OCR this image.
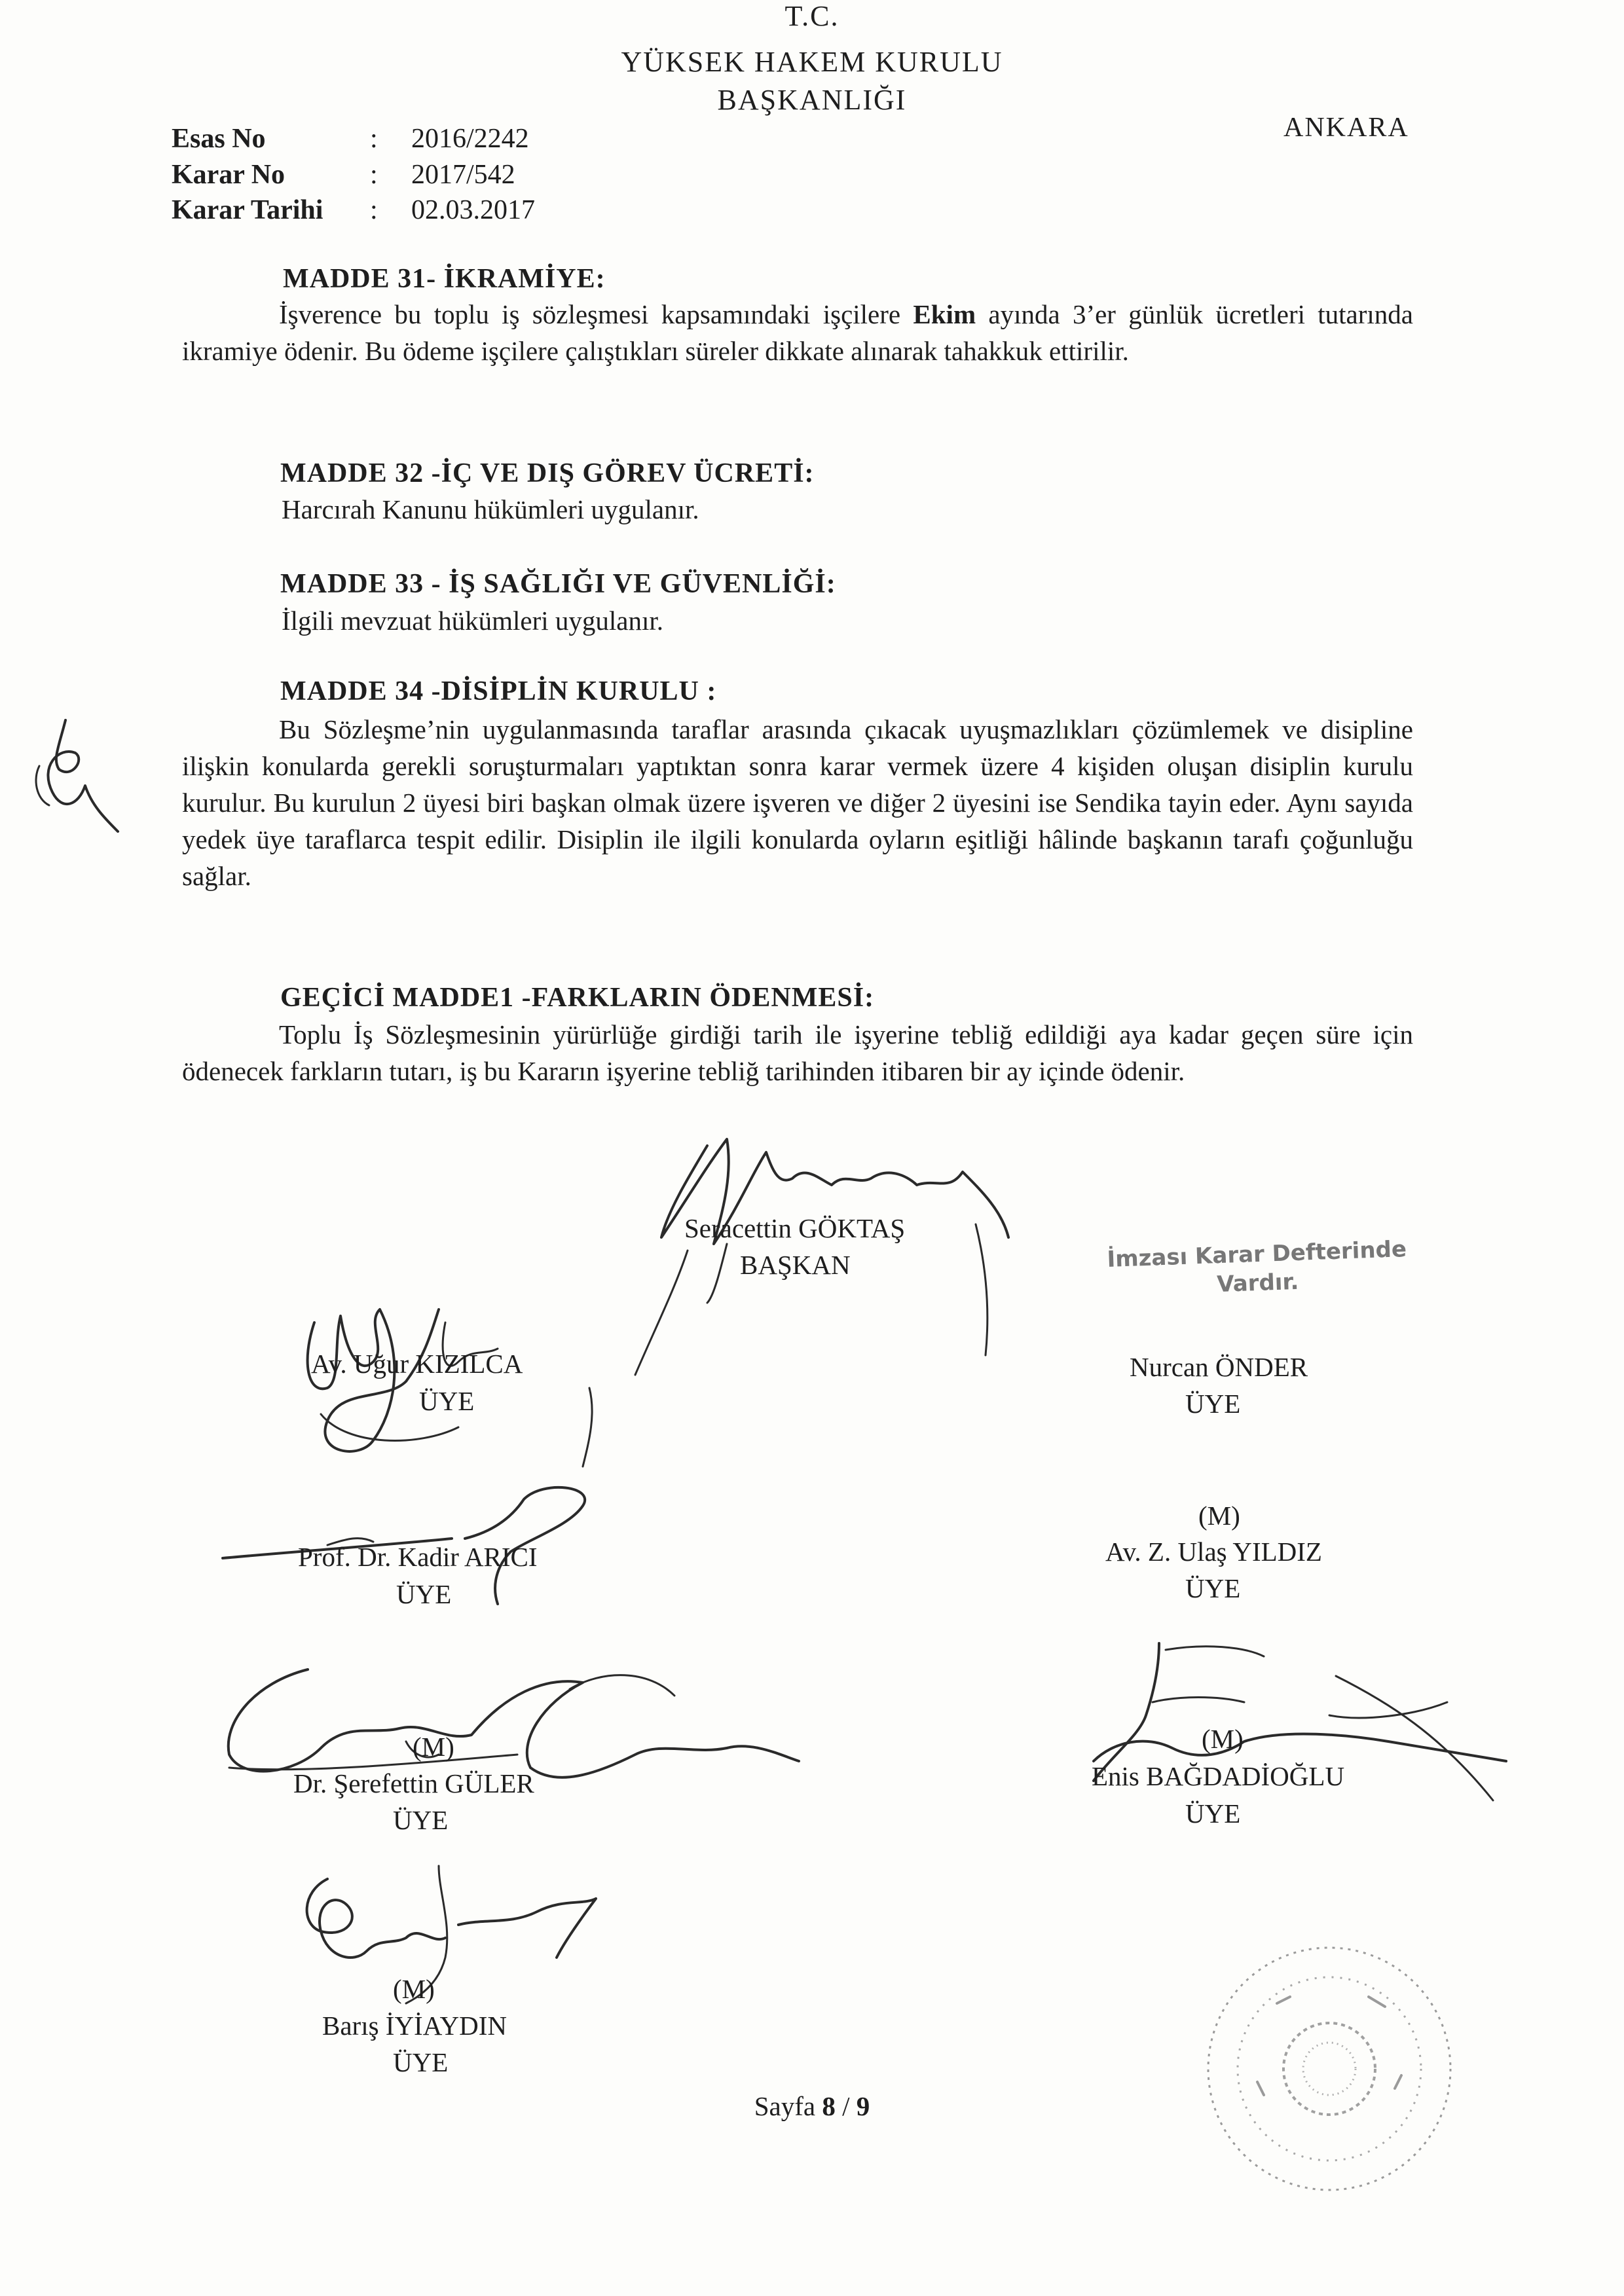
T.C.
YÜKSEK HAKEM KURULU
BAŞKANLIĞI
ANKARA
Esas No	: 2016/2242
Karar No	: 2017/542
Karar Tarihi : 02.03.2017
MADDE 31- İKRAMİYE:
İşverence bu toplu iş sözleşmesi kapsamındaki işçilere Ekim ayında 3’er günlük ücretleri tutarında ikramiye ödenir. Bu ödeme işçilere çalıştıkları süreler dikkate alınarak tahakkuk ettirilir.
MADDE 32 -İÇ VE DIŞ GÖREV ÜCRETİ:
Harcırah Kanunu hükümleri uygulanır.
MADDE 33 - İŞ SAĞLIĞI VE GÜVENLİĞİ:
İlgili mevzuat hükümleri uygulanır.
MADDE 34 -DİSİPLİN KURULU :
Bu Sözleşme’nin uygulanmasında taraflar arasında çıkacak uyuşmazlıkları çözümlemek ve disipline ilişkin konularda gerekli soruşturmaları yaptıktan sonra karar vermek üzere 4 kişiden oluşan disiplin kurulu kurulur. Bu kurulun 2 üyesi biri başkan olmak üzere işveren ve diğer 2 üyesini ise Sendika tayin eder. Aynı sayıda yedek üye taraflarca tespit edilir. Disiplin ile ilgili konularda oyların eşitliği hâlinde başkanın tarafı çoğunluğu sağlar.
GEÇİCİ MADDE1 -FARKLARIN ÖDENMESİ:
Toplu İş Sözleşmesinin yürürlüğe girdiği tarih ile işyerine tebliğ edildiği aya kadar geçen süre için ödenecek farkların tutarı, iş bu Kararın işyerine tebliğ tarihinden itibaren bir ay içinde ödenir.
Seracettin GÖKTAŞ
BAŞKAN	İmzası Karar Defterinde
Vardır.
Av. Uğur KIZILCA
ÜYE
Nurcan ÖNDER
ÜYE
Prof. Dr. Kadir ARICI
ÜYE
(M)
Av. Z. Ulaş YILDIZ
ÜYE
(M)
Dr. Şerefettin GÜLER
ÜYE
(M)
Enis BAĞDADİOĞLU
ÜYE
(M)
Barış İYİAYDIN
ÜYE
Sayfa 8 / 9
